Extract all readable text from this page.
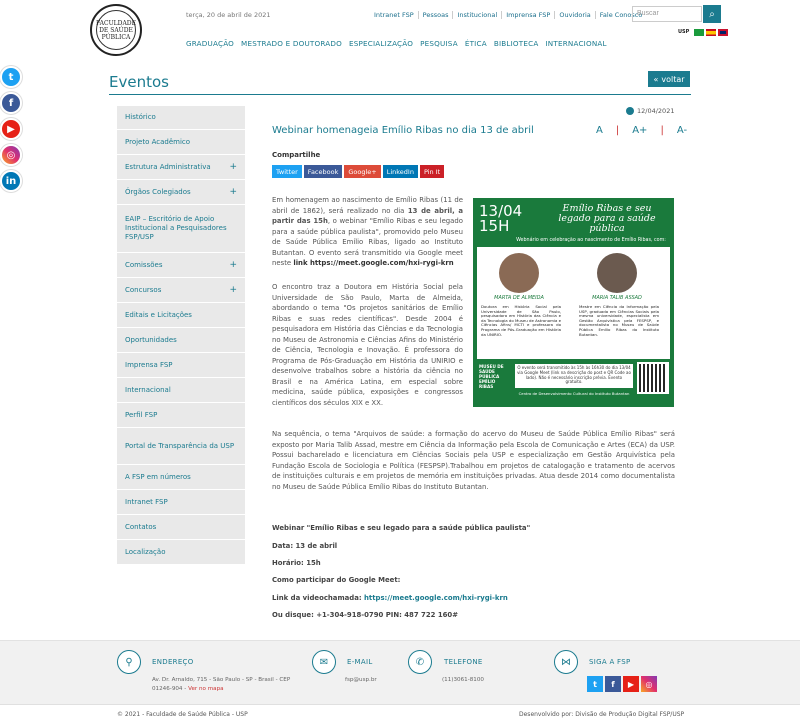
FACULDADE DE SAÚDE PÚBLICA
terça, 20 de abril de 2021	Intranet FSP	Pessoas	Institucional	Imprensa FSP	Ouvidoria	Fale Conosco
Buscar	⌕
USP
GRADUAÇÃO MESTRADO E DOUTORADO ESPECIALIZAÇÃO PESQUISA ÉTICA BIBLIOTECA INTERNACIONAL
t
f
▶
◎
in
Eventos	« voltar
Histórico
Projeto Acadêmico
Estrutura Administrativa +
Órgãos Colegiados	+
EAIP – Escritório de Apoio Institucional a Pesquisadores FSP/USP
Comissões	+
Concursos	+
Editais e Licitações
Oportunidades
Imprensa FSP
Internacional
Perfil FSP
Portal de Transparência da USP
A FSP em números
Intranet FSP
Contatos
Localização
12/04/2021
Webinar homenageia Emílio Ribas no dia 13 de abril	A | A+ | A-
Compartilhe
Twitter	Facebook	Google+	LinkedIn	Pin It
Em homenagem ao nascimento de Emílio Ribas (11 de abril de 1862), será realizado no dia 13 de abril, a partir das 15h, o webinar "Emílio Ribas e seu legado para a saúde pública paulista", promovido pelo Museu de Saúde Pública Emílio Ribas, ligado ao Instituto Butantan. O evento será transmitido via Google meet neste link https://meet.google.com/hxi-rygi-krn
O encontro traz a Doutora em História Social pela Universidade de São Paulo, Marta de Almeida, abordando o tema "Os projetos sanitários de Emílio Ribas e suas redes científicas". Desde 2004 é pesquisadora em História das Ciências e da Tecnologia no Museu de Astronomia e Ciências Afins do Ministério de Ciência, Tecnologia e Inovação. É professora do Programa de Pós-Graduação em História da UNIRIO e desenvolve trabalhos sobre a história da ciência no Brasil e na América Latina, em especial sobre medicina, saúde pública, exposições e congressos científicos dos séculos XIX e XX.
13/04
15H
Emílio Ribas e seu legado para a saúde pública
Webnário em celebração ao nascimento de Emílio Ribas, com:
MARTA DE ALMEIDA	MARIA TALIB ASSAD
Doutora em História Social pela Universidade de São Paulo, pesquisadora em História das Ciência e da Tecnologia do Museu de Astronomia e Ciências Afins/ MCTI e professora do Programa de Pós-Graduação em História da UNIRIO.
Mestre em Ciência da Informação pela USP, graduada em Ciências Sociais pela mesma universidade, especialista em Gestão Arquivística pela FESPSP, e documentalista no Museu de Saúde Pública Emílio Ribas do Instituto Butantan.
MUSEU DE SAÚDE PÚBLICA EMÍLIO RIBAS
O evento será transmitido às 15h às 16h30 do dia 13/04 via Google Meet (link na descrição do post e QR Code ao lado). Não é necessário inscrição prévia. Evento gratuito.
Centro de Desenvolvimento Cultural do Instituto Butantan
Na sequência, o tema "Arquivos de saúde: a formação do acervo do Museu de Saúde Pública Emílio Ribas" será exposto por Maria Talib Assad, mestre em Ciência da Informação pela Escola de Comunicação e Artes (ECA) da USP. Possui bacharelado e licenciatura em Ciências Sociais pela USP e especialização em Gestão Arquivística pela Fundação Escola de Sociologia e Política (FESPSP).Trabalhou em projetos de catalogação e tratamento de acervos de instituições culturais e em projetos de memória em instituições privadas. Atua desde 2014 como documentalista no Museu de Saúde Pública Emílio Ribas do Instituto Butantan.
Webinar "Emílio Ribas e seu legado para a saúde pública paulista"
Data: 13 de abril
Horário: 15h
Como participar do Google Meet:
Link da videochamada: https://meet.google.com/hxi-rygi-krn
Ou disque: +1-304-918-0790 PIN: 487 722 160#
⚲	ENDEREÇO
Av. Dr. Arnaldo, 715 - São Paulo - SP - Brasil - CEP 01246-904 - Ver no mapa
✉	E-MAIL
fsp@usp.br
✆	TELEFONE
(11)3061-8100
⋈	SIGA A FSP
t	f	▶	◎
© 2021 - Faculdade de Saúde Pública - USP	Desenvolvido por: Divisão de Produção Digital FSP/USP
